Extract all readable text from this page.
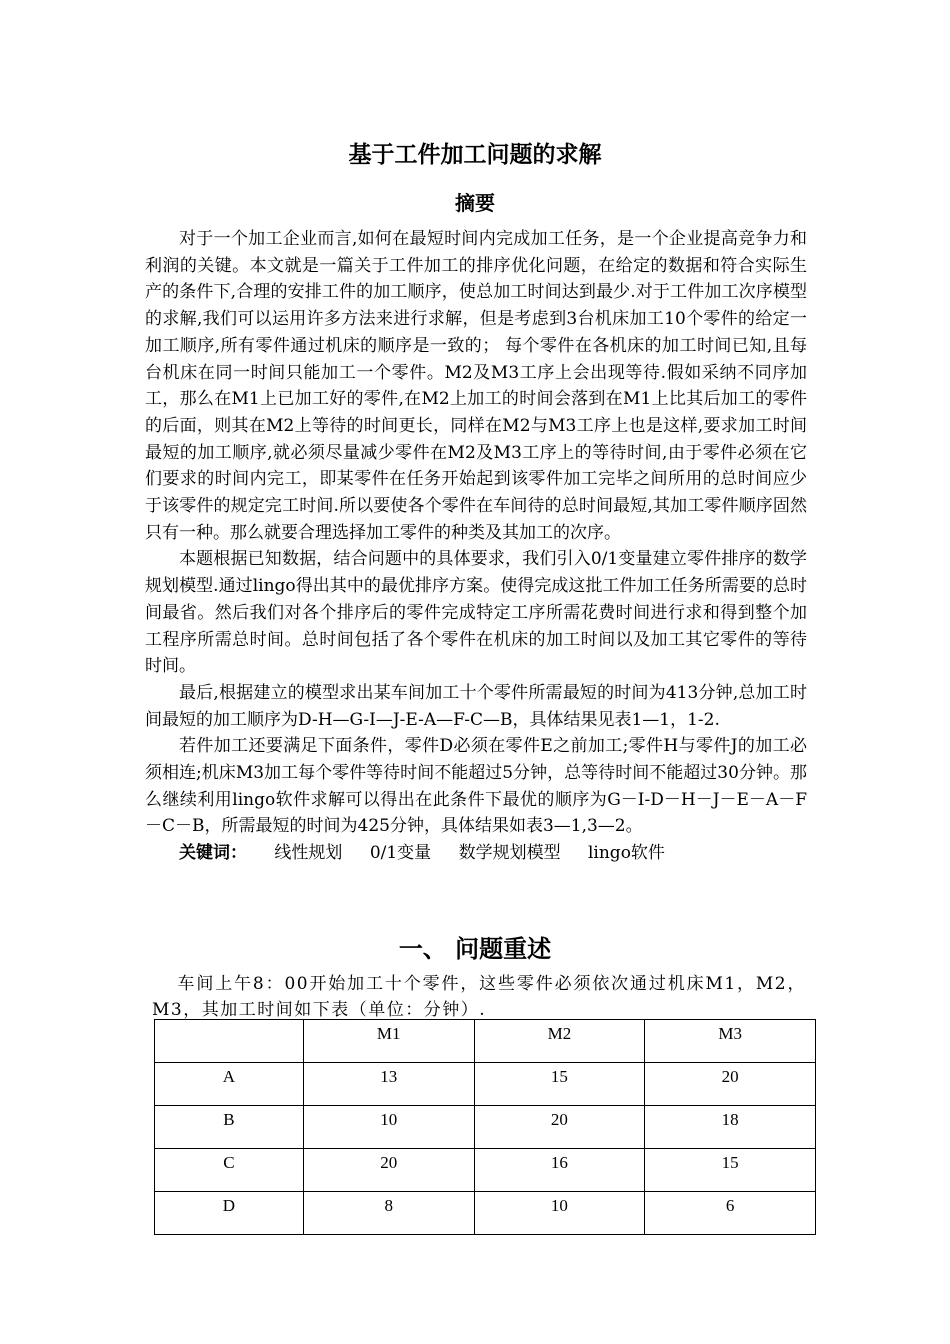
基于工件加工问题的求解
摘要

对于一个加工企业而言,如何在最短时间内完成加工任务，是一个企业提高竞争力和利润的关键。本文就是一篇关于工件加工的排序优化问题，在给定的数据和符合实际生产的条件下,合理的安排工件的加工顺序，使总加工时间达到最少.对于工件加工次序模型的求解,我们可以运用许多方法来进行求解，但是考虑到3台机床加工10个零件的给定一加工顺序,所有零件通过机床的顺序是一致的； 每个零件在各机床的加工时间已知,且每台机床在同一时间只能加工一个零件。M2及M3工序上会出现等待.假如采纳不同序加工，那么在M1上已加工好的零件,在M2上加工的时间会落到在M1上比其后加工的零件的后面，则其在M2上等待的时间更长，同样在M2与M3工序上也是这样,要求加工时间最短的加工顺序,就必须尽量减少零件在M2及M3工序上的等待时间,由于零件必须在它们要求的时间内完工，即某零件在任务开始起到该零件加工完毕之间所用的总时间应少于该零件的规定完工时间.所以要使各个零件在车间待的总时间最短,其加工零件顺序固然只有一种。那么就要合理选择加工零件的种类及其加工的次序。

本题根据已知数据，结合问题中的具体要求，我们引入0/1变量建立零件排序的数学规划模型.通过lingo得出其中的最优排序方案。使得完成这批工件加工任务所需要的总时间最省。然后我们对各个排序后的零件完成特定工序所需花费时间进行求和得到整个加工程序所需总时间。总时间包括了各个零件在机床的加工时间以及加工其它零件的等待时间。

最后,根据建立的模型求出某车间加工十个零件所需最短的时间为413分钟,总加工时间最短的加工顺序为D-H—G-I—J-E-A—F-C—B，具体结果见表1—1，1-2.

若件加工还要满足下面条件，零件D必须在零件E之前加工;零件H与零件J的加工必须相连;机床M3加工每个零件等待时间不能超过5分钟，总等待时间不能超过30分钟。那么继续利用lingo软件求解可以得出在此条件下最优的顺序为G－I-D－H－J－E－A－F－C－B，所需最短的时间为425分钟，具体结果如表3—1,3—2。

关键词： 线性规划 0/1变量 数学规划模型 lingo软件

一、 问题重述

车间上午8：00开始加工十个零件，这些零件必须依次通过机床M1，M2，M3，其加工时间如下表（单位：分钟）.

	M1	M2	M3
A	13	15	20
B	10	20	18
C	20	16	15
D	8	10	6
